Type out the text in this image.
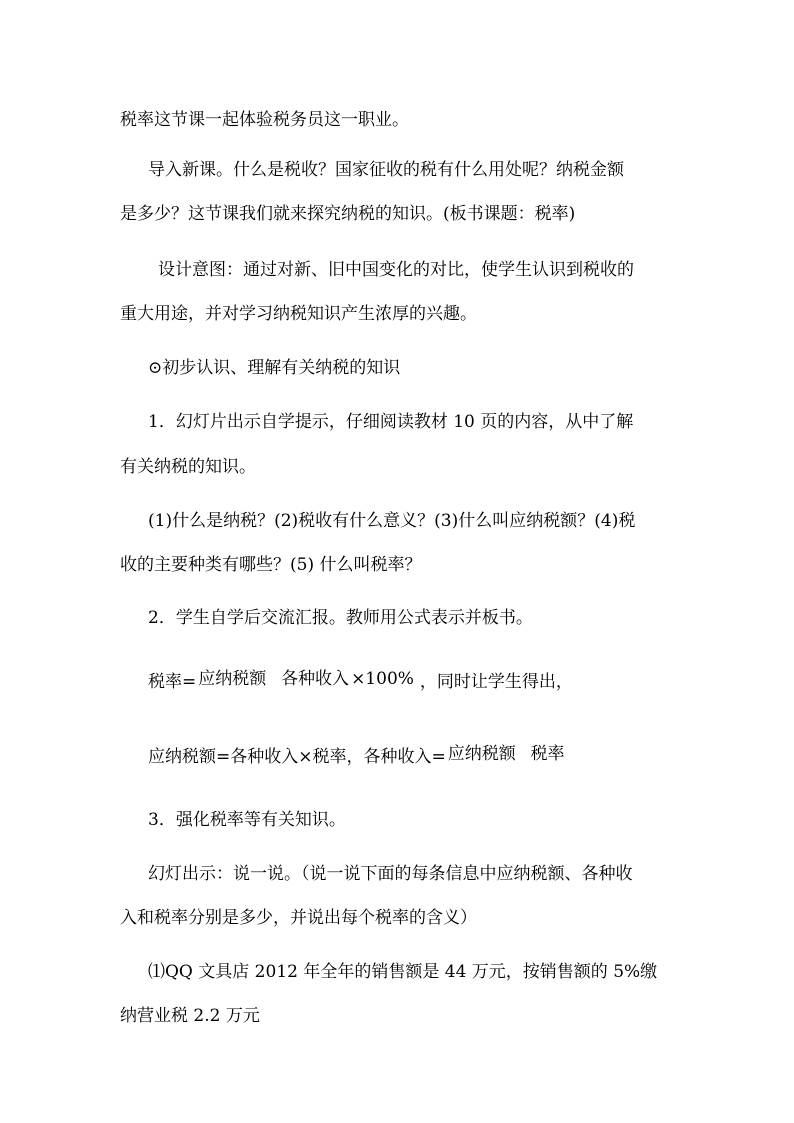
税率这节课一起体验税务员这一职业。

导入新课。什么是税收？国家征收的税有什么用处呢？纳税金额

是多少？这节课我们就来探究纳税的知识。(板书课题：税率)

设计意图：通过对新、旧中国变化的对比，使学生认识到税收的

重大用途，并对学习纳税知识产生浓厚的兴趣。

⊙初步认识、理解有关纳税的知识

1．幻灯片出示自学提示，仔细阅读教材 10 页的内容，从中了解

有关纳税的知识。

(1)什么是纳税？(2)税收有什么意义？(3)什么叫应纳税额？(4)税

收的主要种类有哪些？(5) 什么叫税率？

2．学生自学后交流汇报。教师用公式表示并板书。

税率= 应纳税额 各种收入 ×100% ，同时让学生得出，
应纳税额=各种收入×税率，各种收入= 应纳税额 税率

3．强化税率等有关知识。

幻灯出示：说一说。（说一说下面的每条信息中应纳税额、各种收

入和税率分别是多少，并说出每个税率的含义）

⑴QQ 文具店 2012 年全年的销售额是 44 万元，按销售额的 5%缴

纳营业税 2.2 万元
